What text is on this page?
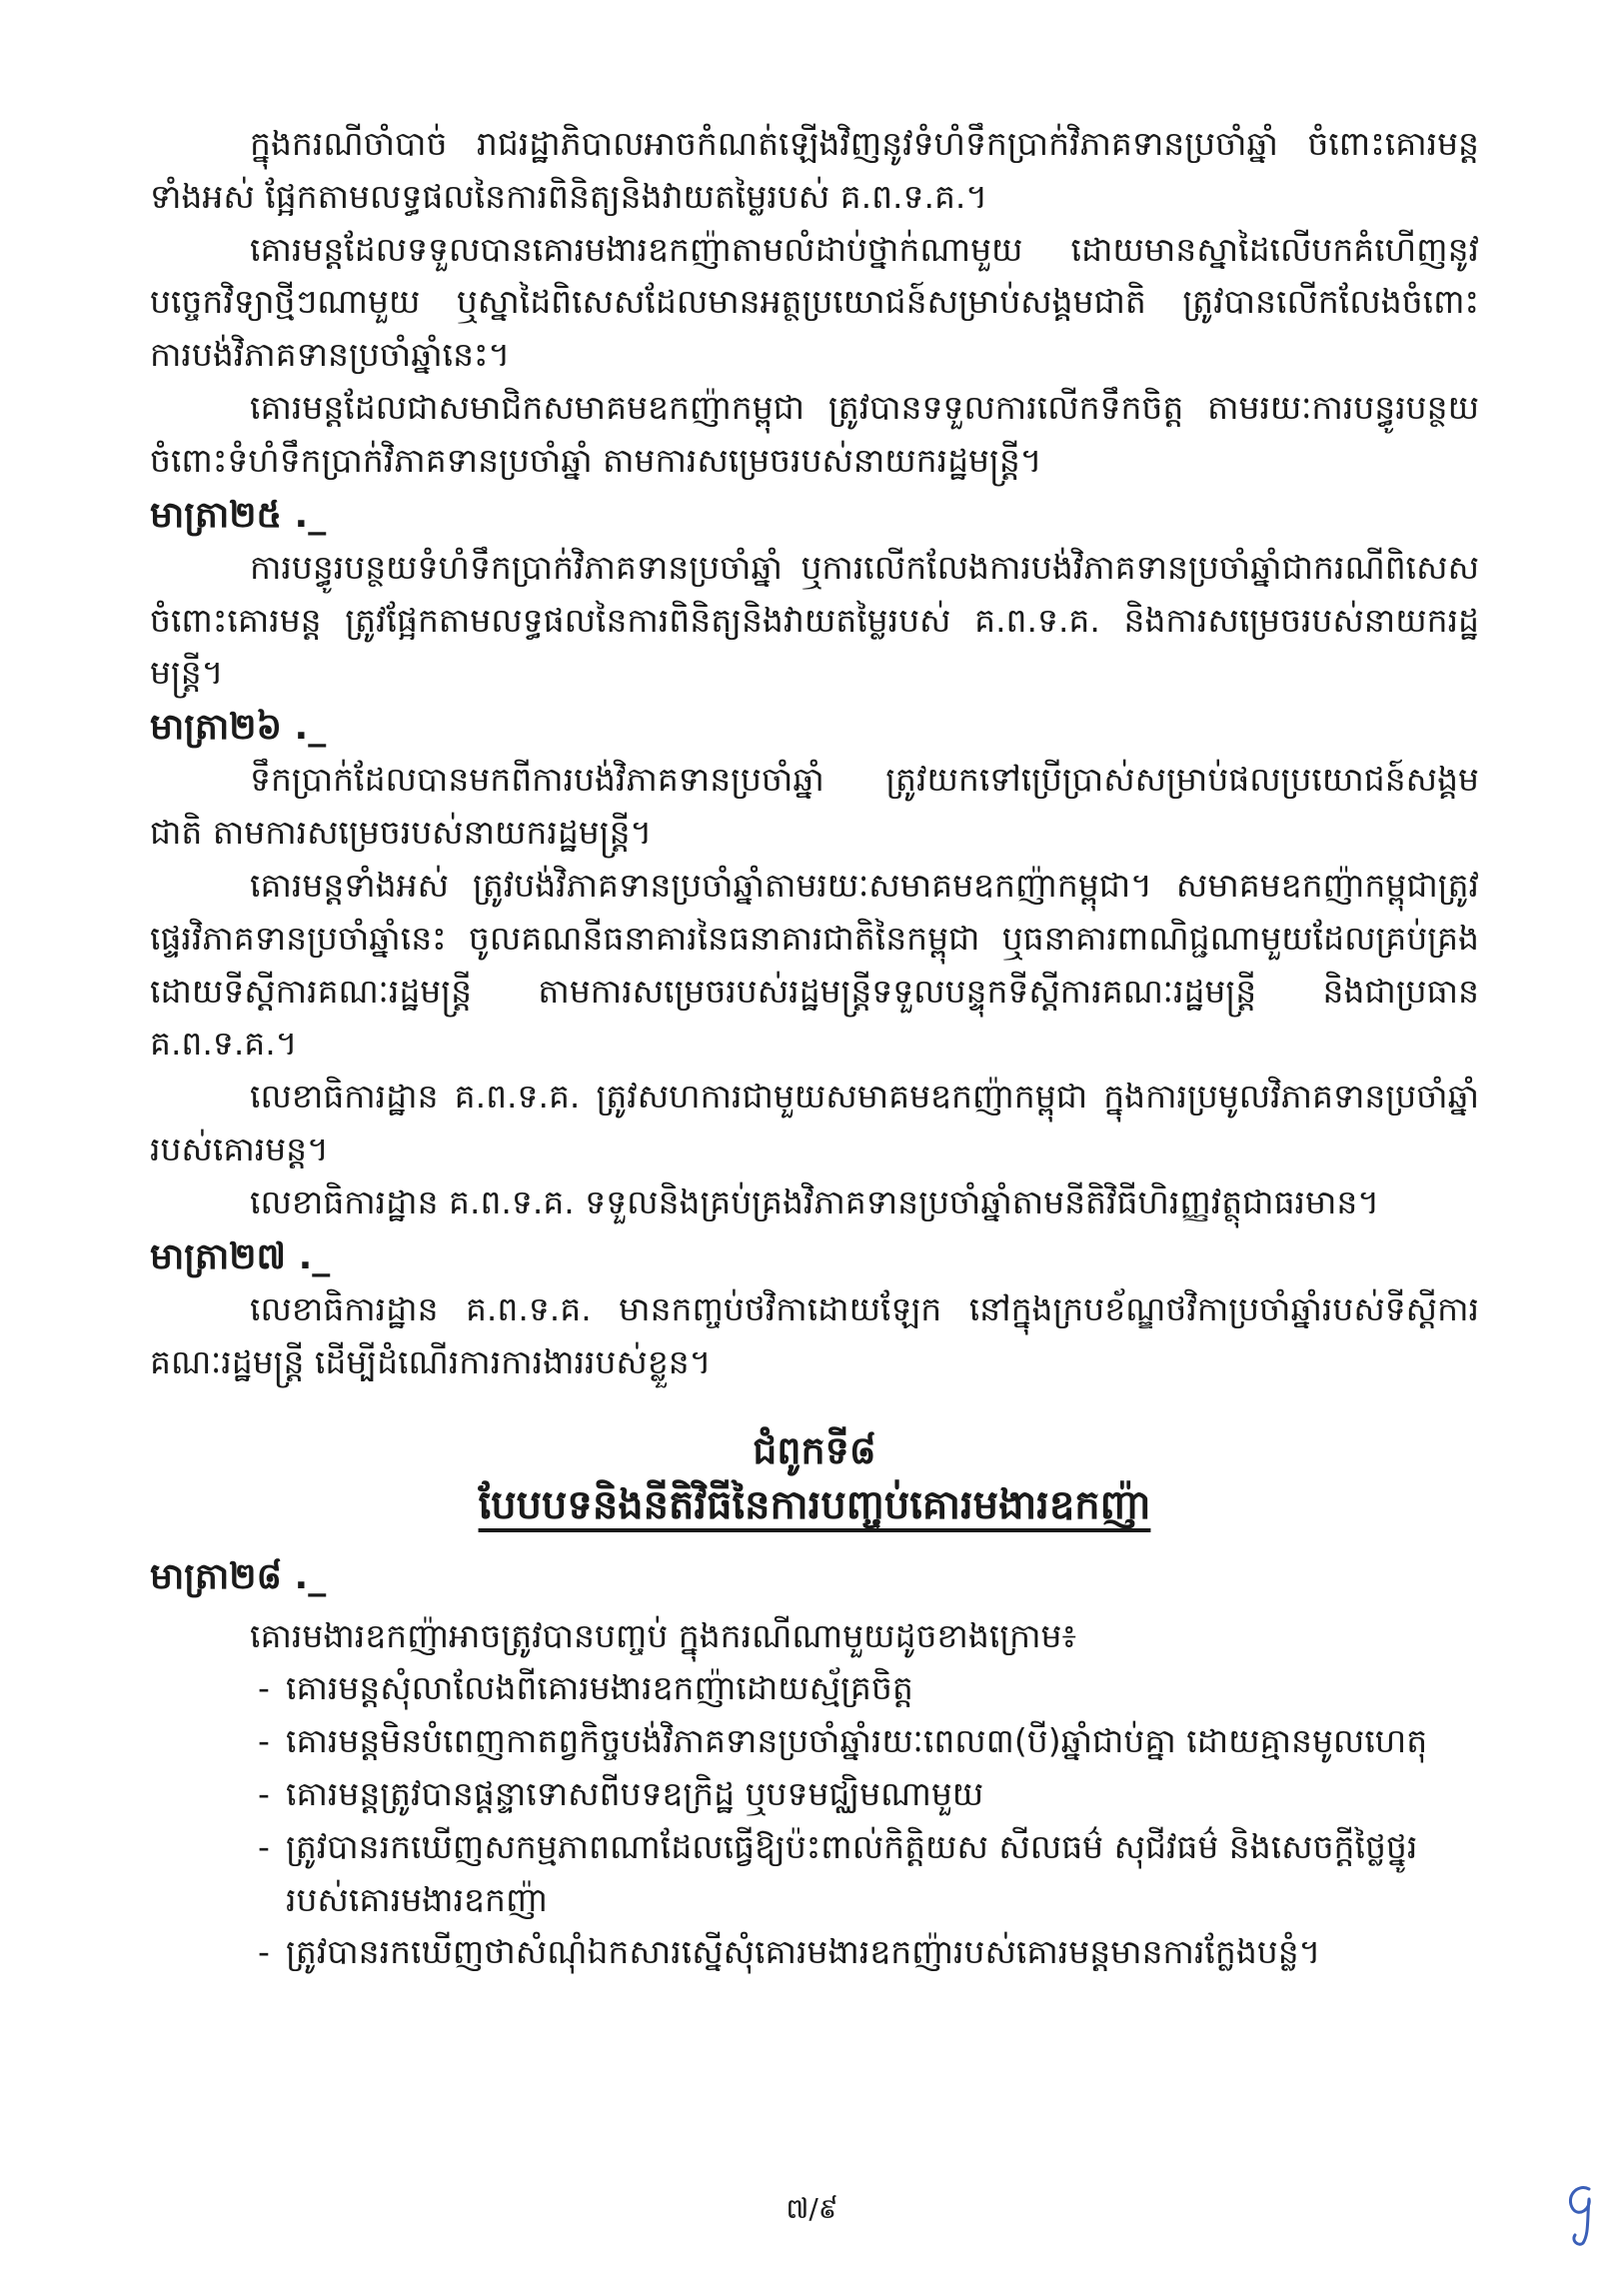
ក្នុងករណីចាំបាច់ រាជរដ្ឋាភិបាលអាចកំណត់ឡើងវិញនូវទំហំទឹកប្រាក់វិភាគទានប្រចាំឆ្នាំ ចំពោះគោរមន្តទាំងអស់ ផ្អែកតាមលទ្ធផលនៃការពិនិត្យនិងវាយតម្លៃរបស់ គ.ព.ទ.គ.។

គោរមន្តដែលទទួលបានគោរមងារឧកញ៉ាតាមលំដាប់ថ្នាក់ណាមួយ ដោយមានស្នាដៃលើបកគំហើញនូវបច្ចេកវិទ្យាថ្មីៗណាមួយ ឬស្នាដៃពិសេសដែលមានអត្ថប្រយោជន៍សម្រាប់សង្គមជាតិ ត្រូវបានលើកលែងចំពោះការបង់វិភាគទានប្រចាំឆ្នាំនេះ។

គោរមន្តដែលជាសមាជិកសមាគមឧកញ៉ាកម្ពុជា ត្រូវបានទទួលការលើកទឹកចិត្ត តាមរយៈការបន្ធូរបន្ថយចំពោះទំហំទឹកប្រាក់វិភាគទានប្រចាំឆ្នាំ តាមការសម្រេចរបស់នាយករដ្ឋមន្ត្រី។

មាត្រា២៥ ._

ការបន្ធូរបន្ថយទំហំទឹកប្រាក់វិភាគទានប្រចាំឆ្នាំ ឬការលើកលែងការបង់វិភាគទានប្រចាំឆ្នាំជាករណីពិសេសចំពោះគោរមន្ត ត្រូវផ្អែកតាមលទ្ធផលនៃការពិនិត្យនិងវាយតម្លៃរបស់ គ.ព.ទ.គ. និងការសម្រេចរបស់នាយករដ្ឋមន្ត្រី។

មាត្រា២៦ ._

ទឹកប្រាក់ដែលបានមកពីការបង់វិភាគទានប្រចាំឆ្នាំ ត្រូវយកទៅប្រើប្រាស់សម្រាប់ផលប្រយោជន៍សង្គមជាតិ តាមការសម្រេចរបស់នាយករដ្ឋមន្ត្រី។

គោរមន្តទាំងអស់ ត្រូវបង់វិភាគទានប្រចាំឆ្នាំតាមរយៈសមាគមឧកញ៉ាកម្ពុជា។ សមាគមឧកញ៉ាកម្ពុជាត្រូវផ្ទេរវិភាគទានប្រចាំឆ្នាំនេះ ចូលគណនីធនាគារនៃធនាគារជាតិនៃកម្ពុជា ឬធនាគារពាណិជ្ជណាមួយដែលគ្រប់គ្រងដោយទីស្តីការគណៈរដ្ឋមន្ត្រី តាមការសម្រេចរបស់រដ្ឋមន្ត្រីទទួលបន្ទុកទីស្តីការគណៈរដ្ឋមន្ត្រី និងជាប្រធាន គ.ព.ទ.គ.។

លេខាធិការដ្ឋាន គ.ព.ទ.គ. ត្រូវសហការជាមួយសមាគមឧកញ៉ាកម្ពុជា ក្នុងការប្រមូលវិភាគទានប្រចាំឆ្នាំរបស់គោរមន្ត។

លេខាធិការដ្ឋាន គ.ព.ទ.គ. ទទួលនិងគ្រប់គ្រងវិភាគទានប្រចាំឆ្នាំតាមនីតិវិធីហិរញ្ញវត្ថុជាធរមាន។

មាត្រា២៧ ._

លេខាធិការដ្ឋាន គ.ព.ទ.គ. មានកញ្ចប់ថវិកាដោយឡែក នៅក្នុងក្របខ័ណ្ឌថវិកាប្រចាំឆ្នាំរបស់ទីស្តីការគណៈរដ្ឋមន្ត្រី ដើម្បីដំណើរការការងាររបស់ខ្លួន។

ជំពូកទី៨
បែបបទនិងនីតិវិធីនៃការបញ្ចប់គោរមងារឧកញ៉ា
មាត្រា២៨ ._

គោរមងារឧកញ៉ាអាចត្រូវបានបញ្ចប់ ក្នុងករណីណាមួយដូចខាងក្រោម៖

- គោរមន្តសុំលាលែងពីគោរមងារឧកញ៉ាដោយស្ម័គ្រចិត្ត
- គោរមន្តមិនបំពេញកាតព្វកិច្ចបង់វិភាគទានប្រចាំឆ្នាំរយៈពេល៣(បី)ឆ្នាំជាប់គ្នា ដោយគ្មានមូលហេតុ
- គោរមន្តត្រូវបានផ្តន្ទាទោសពីបទឧក្រិដ្ឋ ឬបទមជ្ឈិមណាមួយ
- ត្រូវបានរកឃើញសកម្មភាពណាដែលធ្វើឱ្យប៉ះពាល់កិត្តិយស សីលធម៌ សុជីវធម៌ និងសេចក្តីថ្លៃថ្នូររបស់គោរមងារឧកញ៉ា
- ត្រូវបានរកឃើញថាសំណុំឯកសារស្នើសុំគោរមងារឧកញ៉ារបស់គោរមន្តមានការក្លែងបន្លំ។
៧/៩
